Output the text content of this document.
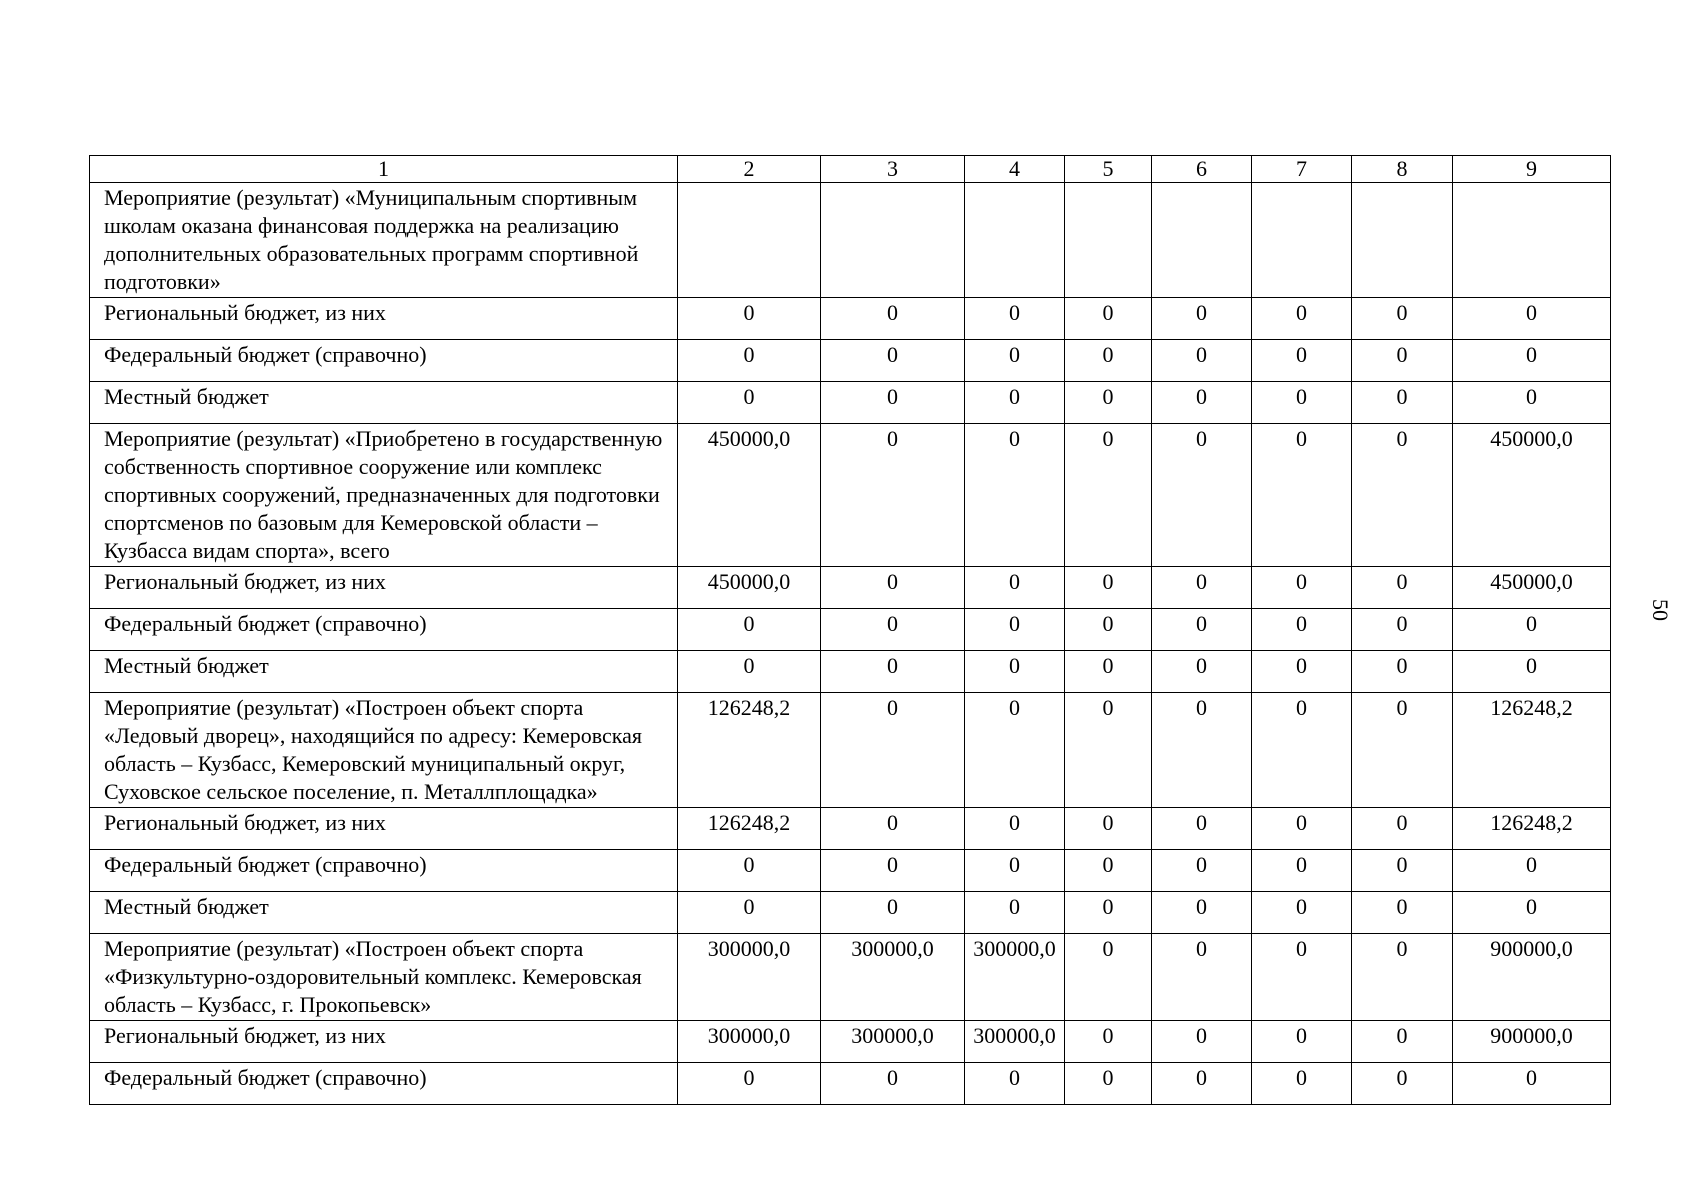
1	2	3	4	5	6	7	8	9
Мероприятие (результат) «Муниципальным спортивным школам оказана финансовая поддержка на реализацию дополнительных образовательных программ спортивной подготовки»								
Региональный бюджет, из них	0	0	0	0	0	0	0	0
Федеральный бюджет (справочно)	0	0	0	0	0	0	0	0
Местный бюджет	0	0	0	0	0	0	0	0
Мероприятие (результат) «Приобретено в государственную собственность спортивное сооружение или комплекс спортивных сооружений, предназначенных для подготовки спортсменов по базовым для Кемеровской области – Кузбасса видам спорта», всего	450000,0	0	0	0	0	0	0	450000,0
Региональный бюджет, из них	450000,0	0	0	0	0	0	0	450000,0
Федеральный бюджет (справочно)	0	0	0	0	0	0	0	0
Местный бюджет	0	0	0	0	0	0	0	0
Мероприятие (результат) «Построен объект спорта «Ледовый дворец», находящийся по адресу: Кемеровская область – Кузбасс, Кемеровский муниципальный округ, Суховское сельское поселение, п. Металлплощадка»	126248,2	0	0	0	0	0	0	126248,2
Региональный бюджет, из них	126248,2	0	0	0	0	0	0	126248,2
Федеральный бюджет (справочно)	0	0	0	0	0	0	0	0
Местный бюджет	0	0	0	0	0	0	0	0
Мероприятие (результат) «Построен объект спорта «Физкультурно-оздоровительный комплекс. Кемеровская область – Кузбасс, г. Прокопьевск»	300000,0	300000,0	300000,0	0	0	0	0	900000,0
Региональный бюджет, из них	300000,0	300000,0	300000,0	0	0	0	0	900000,0
Федеральный бюджет (справочно)	0	0	0	0	0	0	0	0
50
